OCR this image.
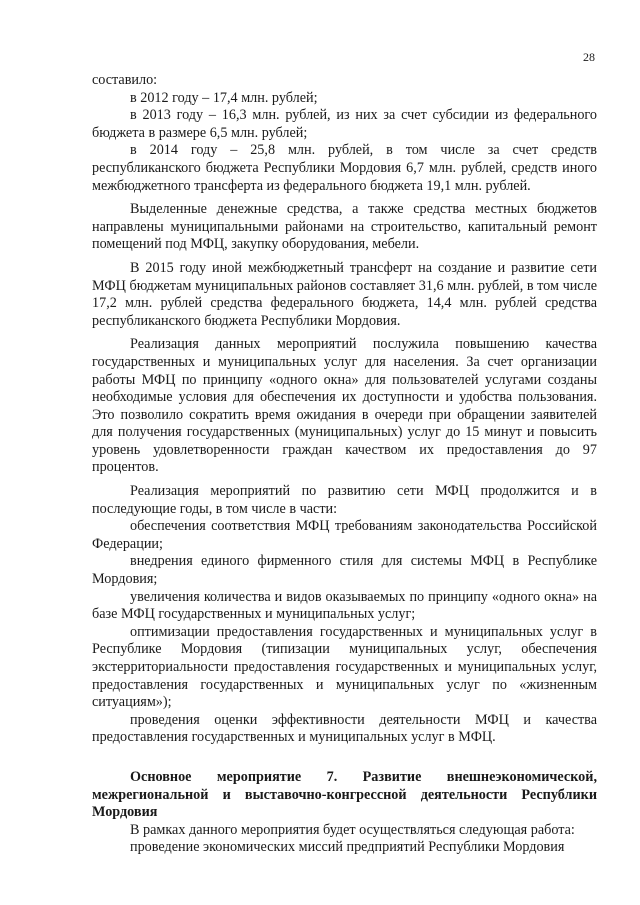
28

составило:

в 2012 году – 17,4 млн. рублей;

в 2013 году – 16,3 млн. рублей, из них за счет субсидии из федерального бюджета в размере 6,5 млн. рублей;

в 2014 году – 25,8 млн. рублей, в том числе за счет средств республиканского бюджета Республики Мордовия 6,7 млн. рублей, средств иного межбюджетного трансферта из федерального бюджета 19,1 млн. рублей.

Выделенные денежные средства, а также средства местных бюджетов направлены муниципальными районами на строительство, капитальный ремонт помещений под МФЦ, закупку оборудования, мебели.

В 2015 году иной межбюджетный трансферт на создание и развитие сети МФЦ бюджетам муниципальных районов составляет 31,6 млн. рублей, в том числе 17,2 млн. рублей средства федерального бюджета, 14,4 млн. рублей средства республиканского бюджета Республики Мордовия.

Реализация данных мероприятий послужила повышению качества государственных и муниципальных услуг для населения. За счет организации работы МФЦ по принципу «одного окна» для пользователей услугами созданы необходимые условия для обеспечения их доступности и удобства пользования. Это позволило сократить время ожидания в очереди при обращении заявителей для получения государственных (муниципальных) услуг до 15 минут и повысить уровень удовлетворенности граждан качеством их предоставления до 97 процентов.

Реализация мероприятий по развитию сети МФЦ продолжится и в последующие годы, в том числе в части:

обеспечения соответствия МФЦ требованиям законодательства Российской Федерации;

внедрения единого фирменного стиля для системы МФЦ в Республике Мордовия;

увеличения количества и видов оказываемых по принципу «одного окна» на базе МФЦ государственных и муниципальных услуг;

оптимизации предоставления государственных и муниципальных услуг в Республике Мордовия (типизации муниципальных услуг, обеспечения экстерриториальности предоставления государственных и муниципальных услуг, предоставления государственных и муниципальных услуг по «жизненным ситуациям»);

проведения оценки эффективности деятельности МФЦ и качества предоставления государственных и муниципальных услуг в МФЦ.

Основное мероприятие 7. Развитие внешнеэкономической, межрегиональной и выставочно-конгрессной деятельности Республики Мордовия

В рамках данного мероприятия будет осуществляться следующая работа:

проведение экономических миссий предприятий Республики Мордовия
